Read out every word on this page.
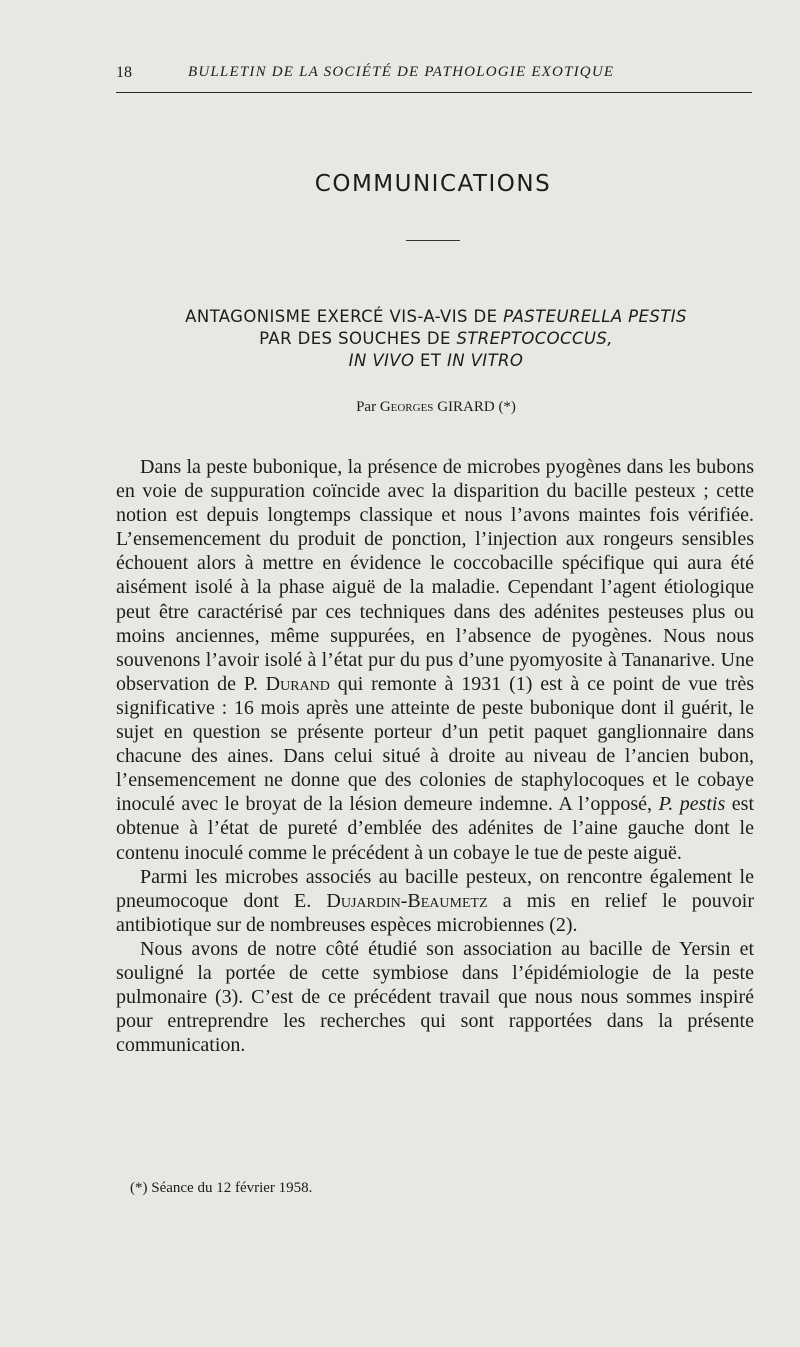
18	BULLETIN DE LA SOCIÉTÉ DE PATHOLOGIE EXOTIQUE
COMMUNICATIONS
ANTAGONISME EXERCÉ VIS-A-VIS DE PASTEURELLA PESTIS
PAR DES SOUCHES DE STREPTOCOCCUS,
IN VIVO ET IN VITRO
Par Georges GIRARD (*)

Dans la peste bubonique, la présence de microbes pyogènes dans les bubons en voie de suppuration coïncide avec la disparition du bacille pesteux ; cette notion est depuis longtemps classique et nous l’avons maintes fois vérifiée. L’ensemencement du produit de ponction, l’injection aux rongeurs sensibles échouent alors à mettre en évidence le coccobacille spécifique qui aura été aisément isolé à la phase aiguë de la maladie. Cependant l’agent étiologique peut être caractérisé par ces techniques dans des adénites pesteuses plus ou moins anciennes, même suppurées, en l’absence de pyogènes. Nous nous souvenons l’avoir isolé à l’état pur du pus d’une pyomyosite à Tananarive. Une observation de P. Durand qui remonte à 1931 (1) est à ce point de vue très significative : 16 mois après une atteinte de peste bubonique dont il guérit, le sujet en question se présente porteur d’un petit paquet ganglionnaire dans chacune des aines. Dans celui situé à droite au niveau de l’ancien bubon, l’ensemencement ne donne que des colonies de staphylocoques et le cobaye inoculé avec le broyat de la lésion demeure indemne. A l’opposé, P. pestis est obtenue à l’état de pureté d’emblée des adénites de l’aine gauche dont le contenu inoculé comme le précédent à un cobaye le tue de peste aiguë.

Parmi les microbes associés au bacille pesteux, on rencontre également le pneumocoque dont E. Dujardin-Beaumetz a mis en relief le pouvoir antibiotique sur de nombreuses espèces microbiennes (2).

Nous avons de notre côté étudié son association au bacille de Yersin et souligné la portée de cette symbiose dans l’épidémiologie de la peste pulmonaire (3). C’est de ce précédent travail que nous nous sommes inspiré pour entreprendre les recherches qui sont rapportées dans la présente communication.

(*) Séance du 12 février 1958.
